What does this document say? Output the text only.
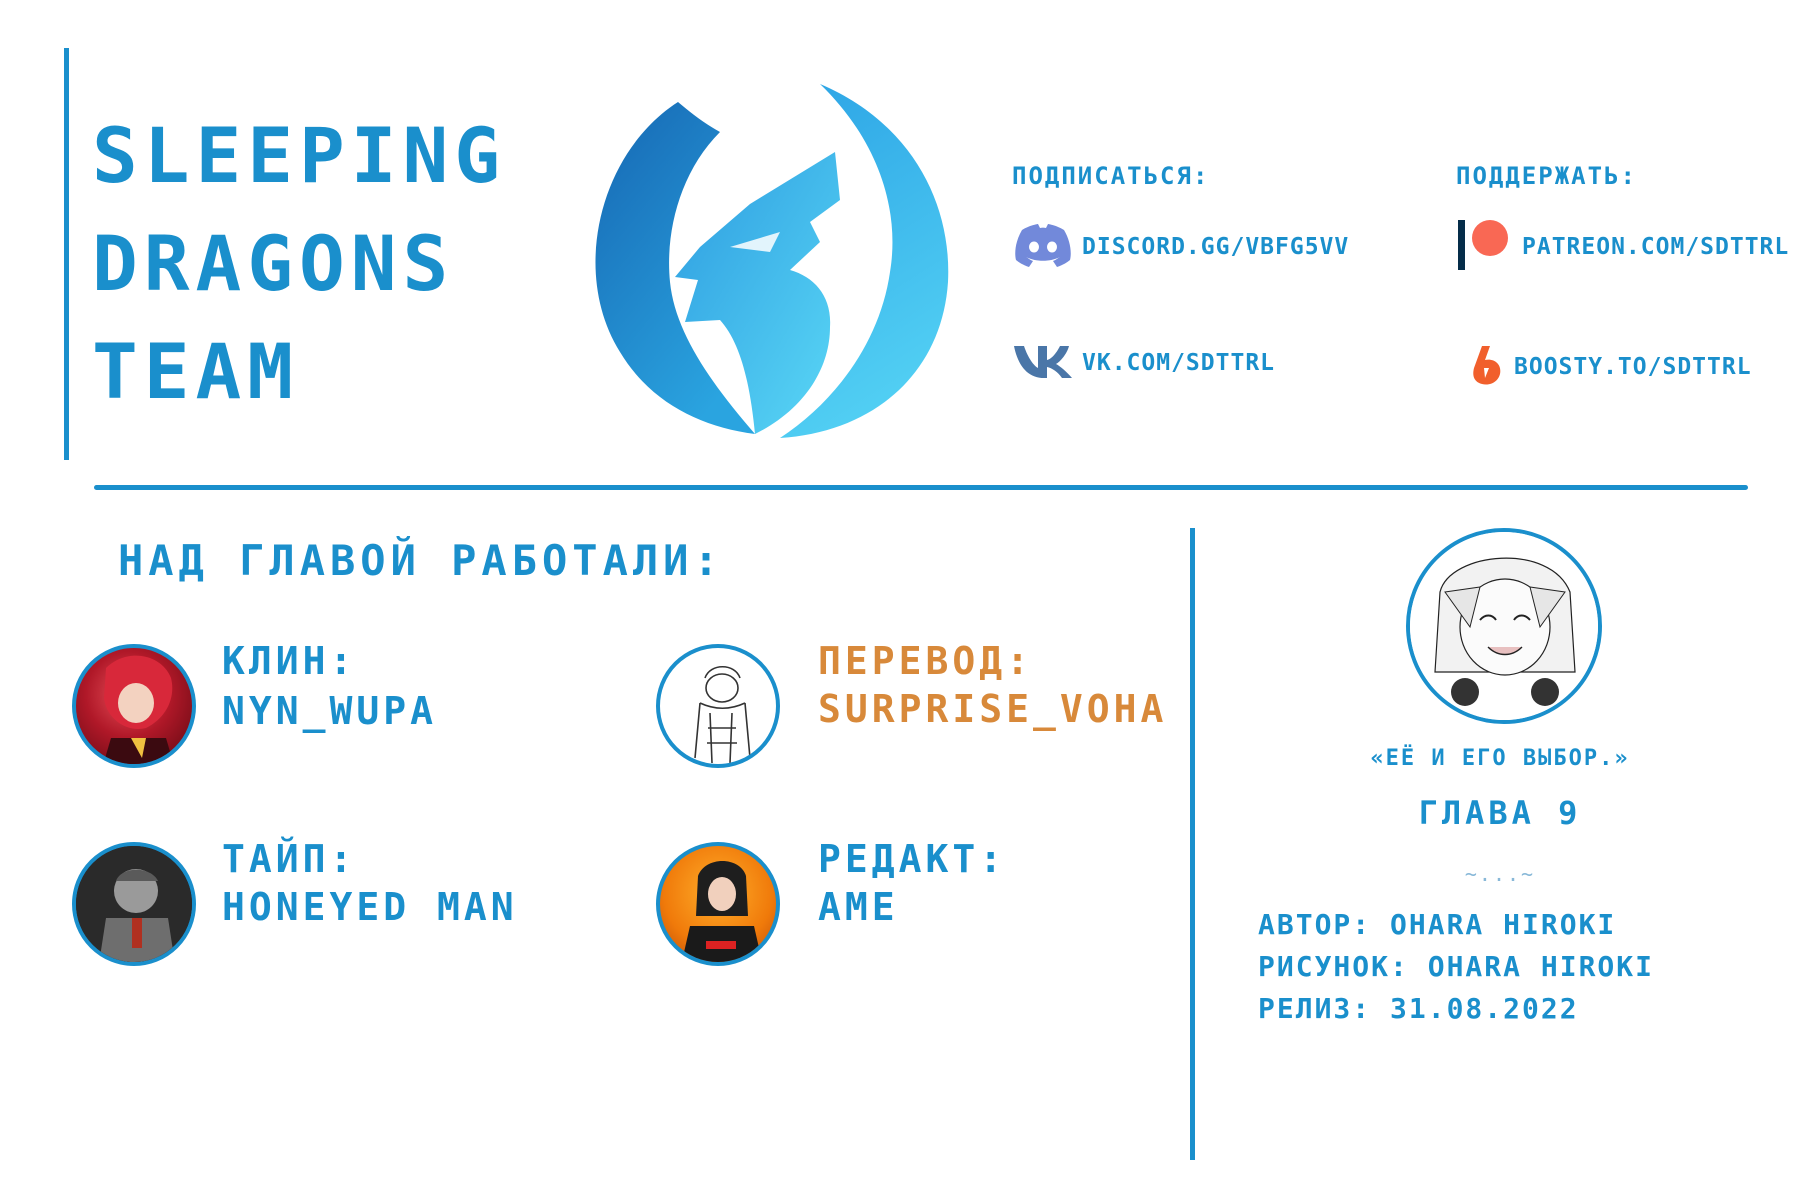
SLEEPING
DRAGONS
TEAM
ПОДПИСАТЬСЯ:
DISCORD.GG/VBFG5VV
VK.COM/SDTTRL
ПОДДЕРЖАТЬ:
PATREON.COM/SDTTRL
BOOSTY.TO/SDTTRL
НАД ГЛАВОЙ РАБОТАЛИ:
КЛИН:
NYN_WUPA
ПЕРЕВОД:
SURPRISE_VOHA
ТАЙП:
HONEYED MAN
РЕДАКТ:
AME
«ЕЁ И ЕГО ВЫБОР.»
ГЛАВА 9
~...~
АВТОР: OHARA HIROKI
РИСУНОК: OHARA HIROKI
РЕЛИЗ: 31.08.2022
